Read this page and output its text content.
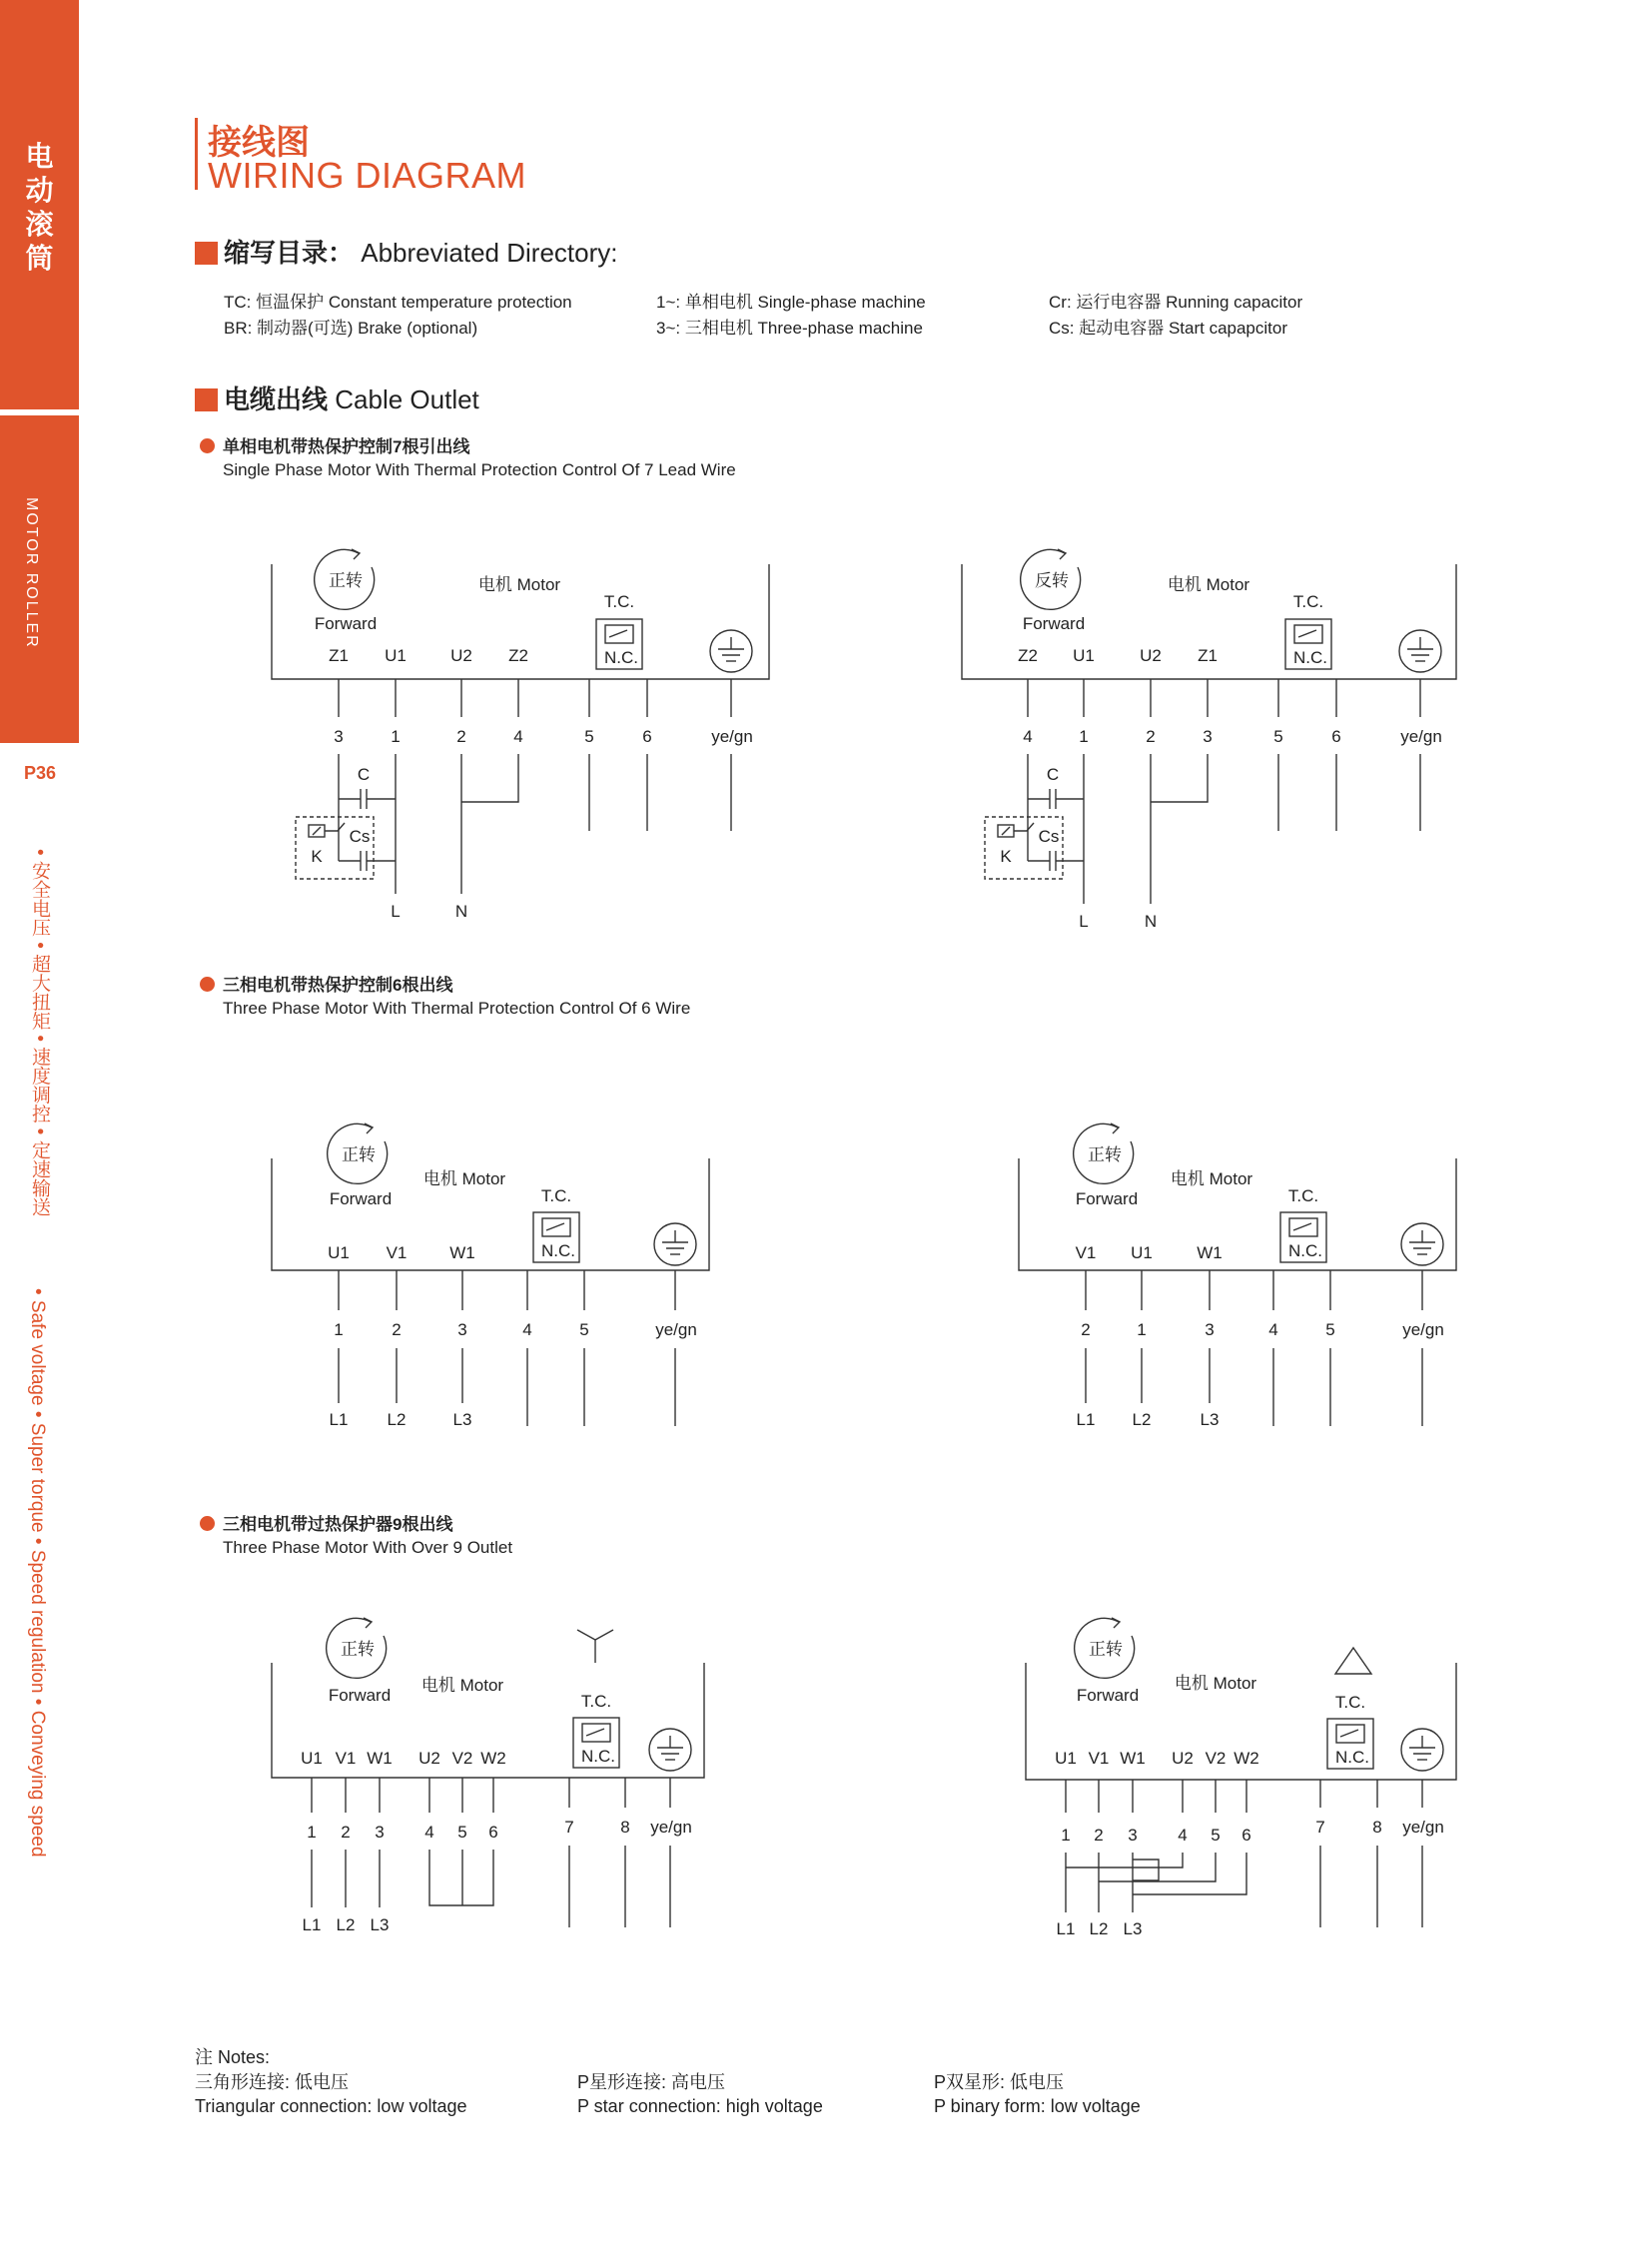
电
动
滚
筒
MOTOR ROLLER
P36
• 安全电压 • 超大扭矩 • 速度调控 • 定速输送
• Safe voltage • Super torque • Speed regulation • Conveying speed
接线图
WIRING DIAGRAM
缩写目录： Abbreviated Directory:
TC: 恒温保护 Constant temperature protection
BR: 制动器(可选) Brake (optional)
1~: 单相电机 Single-phase machine
3~: 三相电机 Three-phase machine
Cr: 运行电容器 Running capacitor
Cs: 起动电容器 Start capapcitor
电缆出线 Cable Outlet
单相电机带热保护控制7根引出线
Single Phase Motor With Thermal Protection Control Of 7 Lead Wire
三相电机带热保护控制6根出线
Three Phase Motor With Thermal Protection Control Of 6 Wire
三相电机带过热保护器9根出线
Three Phase Motor With Over 9 Outlet
正转
Forward
电机 Motor
T.C.
N.C.
Z1 U1	U2 Z2
3	1	2	4	5	6	ye/gn
C
Cs
K
L	N
反转
Forward
电机 Motor
T.C.
N.C.
Z2 U1	U2 Z1
4	1	2	3	5	6	ye/gn
C
Cs
K
L	N
正转
Forward
电机 Motor
T.C.
N.C.
U1 V1	W1
1	2	3	4	5	ye/gn
L1 L2	L3
正转
Forward
电机 Motor
T.C.
N.C.
V1 U1	W1
2	1	3	4	5	ye/gn
L1 L2	L3
正转
Forward
电机 Motor
T.C.
N.C.
U1 V1 W1 U2 V2 W2
1 2 3 4 5 6	7	8 ye/gn
L1 L2 L3
正转
Forward
电机 Motor
T.C.
N.C.
U1 V1 W1 U2 V2 W2
1 2 3 4 5 6	7	8 ye/gn
L1 L2 L3
注 Notes:
三角形连接: 低电压
Triangular connection: low voltage
P星形连接: 高电压
P star connection: high voltage
P双星形: 低电压
P binary form: low voltage
